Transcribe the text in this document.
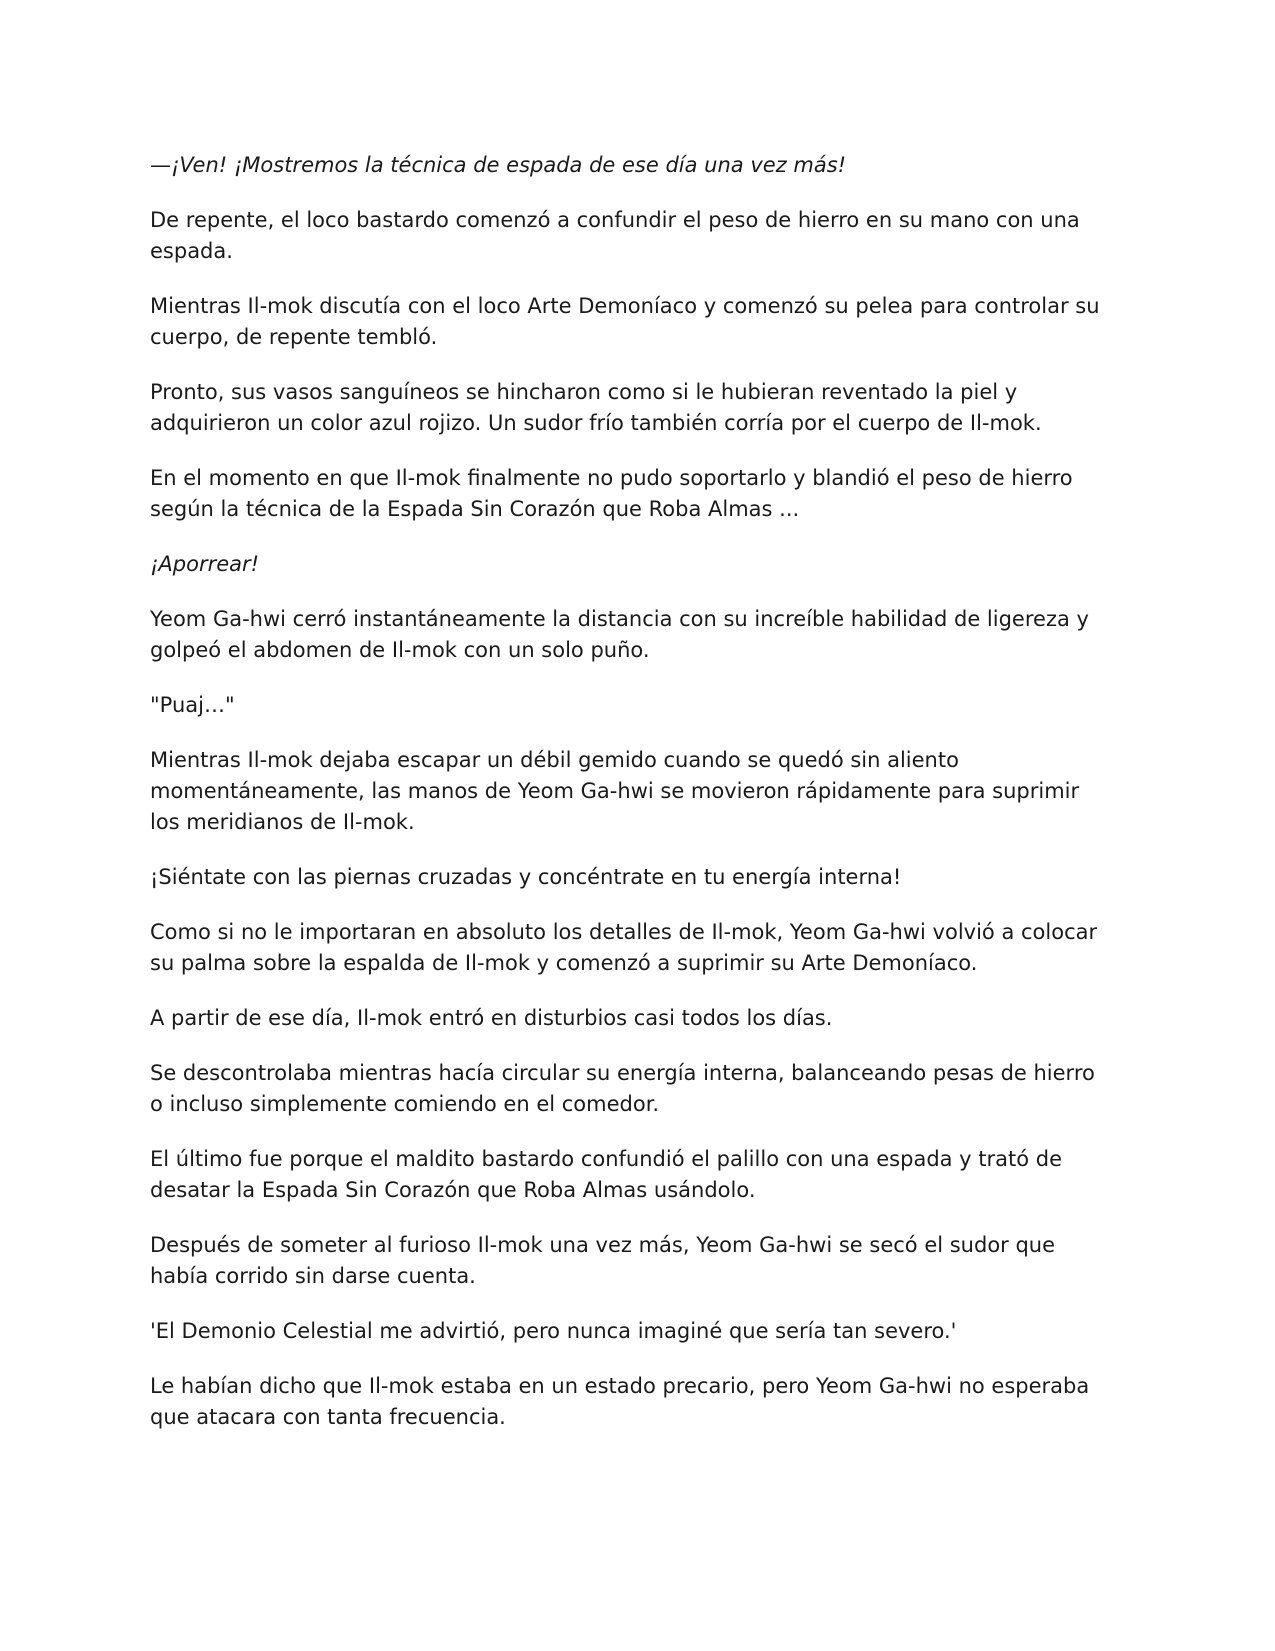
—¡Ven! ¡Mostremos la técnica de espada de ese día una vez más!

De repente, el loco bastardo comenzó a confundir el peso de hierro en su mano con una espada.

Mientras Il-mok discutía con el loco Arte Demoníaco y comenzó su pelea para controlar su cuerpo, de repente tembló.

Pronto, sus vasos sanguíneos se hincharon como si le hubieran reventado la piel y adquirieron un color azul rojizo. Un sudor frío también corría por el cuerpo de Il-mok.

En el momento en que Il-mok finalmente no pudo soportarlo y blandió el peso de hierro según la técnica de la Espada Sin Corazón que Roba Almas ...

¡Aporrear!

Yeom Ga-hwi cerró instantáneamente la distancia con su increíble habilidad de ligereza y golpeó el abdomen de Il-mok con un solo puño.

"Puaj…"

Mientras Il-mok dejaba escapar un débil gemido cuando se quedó sin aliento momentáneamente, las manos de Yeom Ga-hwi se movieron rápidamente para suprimir los meridianos de Il-mok.

¡Siéntate con las piernas cruzadas y concéntrate en tu energía interna!

Como si no le importaran en absoluto los detalles de Il-mok, Yeom Ga-hwi volvió a colocar su palma sobre la espalda de Il-mok y comenzó a suprimir su Arte Demoníaco.

A partir de ese día, Il-mok entró en disturbios casi todos los días.

Se descontrolaba mientras hacía circular su energía interna, balanceando pesas de hierro o incluso simplemente comiendo en el comedor.

El último fue porque el maldito bastardo confundió el palillo con una espada y trató de desatar la Espada Sin Corazón que Roba Almas usándolo.

Después de someter al furioso Il-mok una vez más, Yeom Ga-hwi se secó el sudor que había corrido sin darse cuenta.

'El Demonio Celestial me advirtió, pero nunca imaginé que sería tan severo.'

Le habían dicho que Il-mok estaba en un estado precario, pero Yeom Ga-hwi no esperaba que atacara con tanta frecuencia.
